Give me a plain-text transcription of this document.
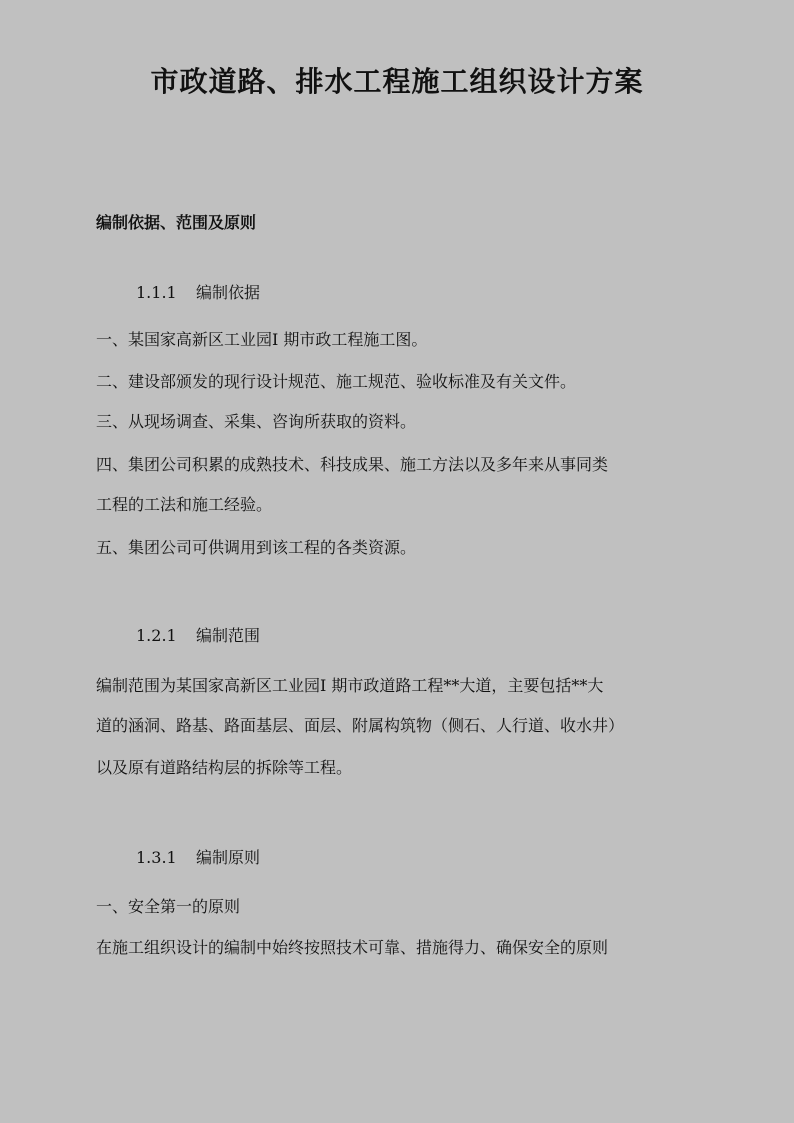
市政道路、排水工程施工组织设计方案
编制依据、范围及原则
1.1.1 编制依据
一、某国家高新区工业园Ⅰ 期市政工程施工图。
二、建设部颁发的现行设计规范、施工规范、验收标准及有关文件。
三、从现场调查、采集、咨询所获取的资料。
四、集团公司积累的成熟技术、科技成果、施工方法以及多年来从事同类
工程的工法和施工经验。
五、集团公司可供调用到该工程的各类资源。
1.2.1 编制范围
编制范围为某国家高新区工业园Ⅰ 期市政道路工程**大道，主要包括**大
道的涵洞、路基、路面基层、面层、附属构筑物（侧石、人行道、收水井）
以及原有道路结构层的拆除等工程。
1.3.1 编制原则
一、安全第一的原则
在施工组织设计的编制中始终按照技术可靠、措施得力、确保安全的原则
